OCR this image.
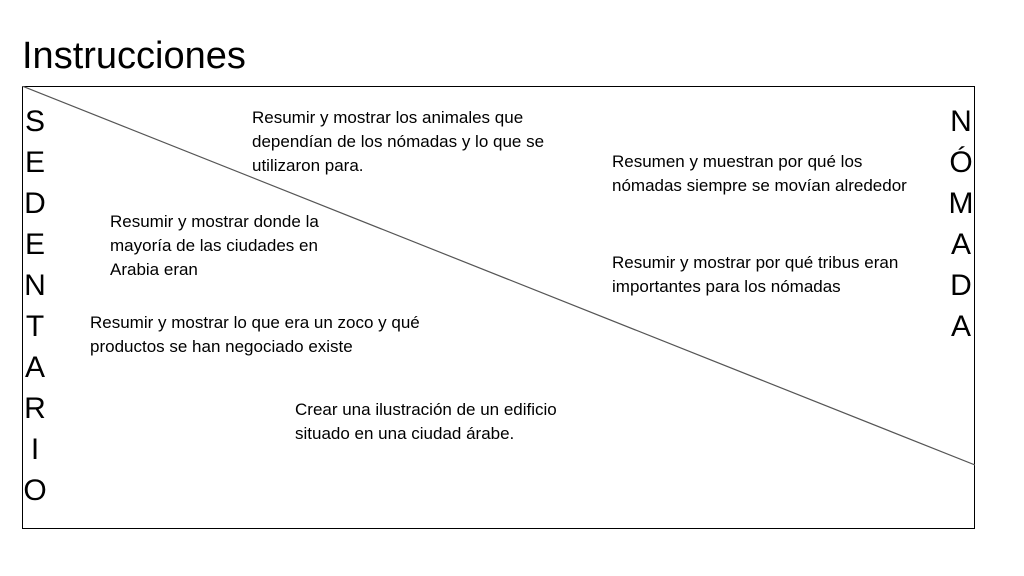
Instrucciones
S
E
D
E
N
T
A
R
I
O
N
Ó
M
A
D
A
Resumir y mostrar los animales que dependían de los nómadas y lo que se utilizaron para.	Resumen y muestran por qué los nómadas siempre se movían alrededor
Resumir y mostrar donde la mayoría de las ciudades en Arabia eran	Resumir y mostrar por qué tribus eran importantes para los nómadas
Resumir y mostrar lo que era un zoco y qué productos se han negociado existe
Crear una ilustración de un edificio situado en una ciudad árabe.
